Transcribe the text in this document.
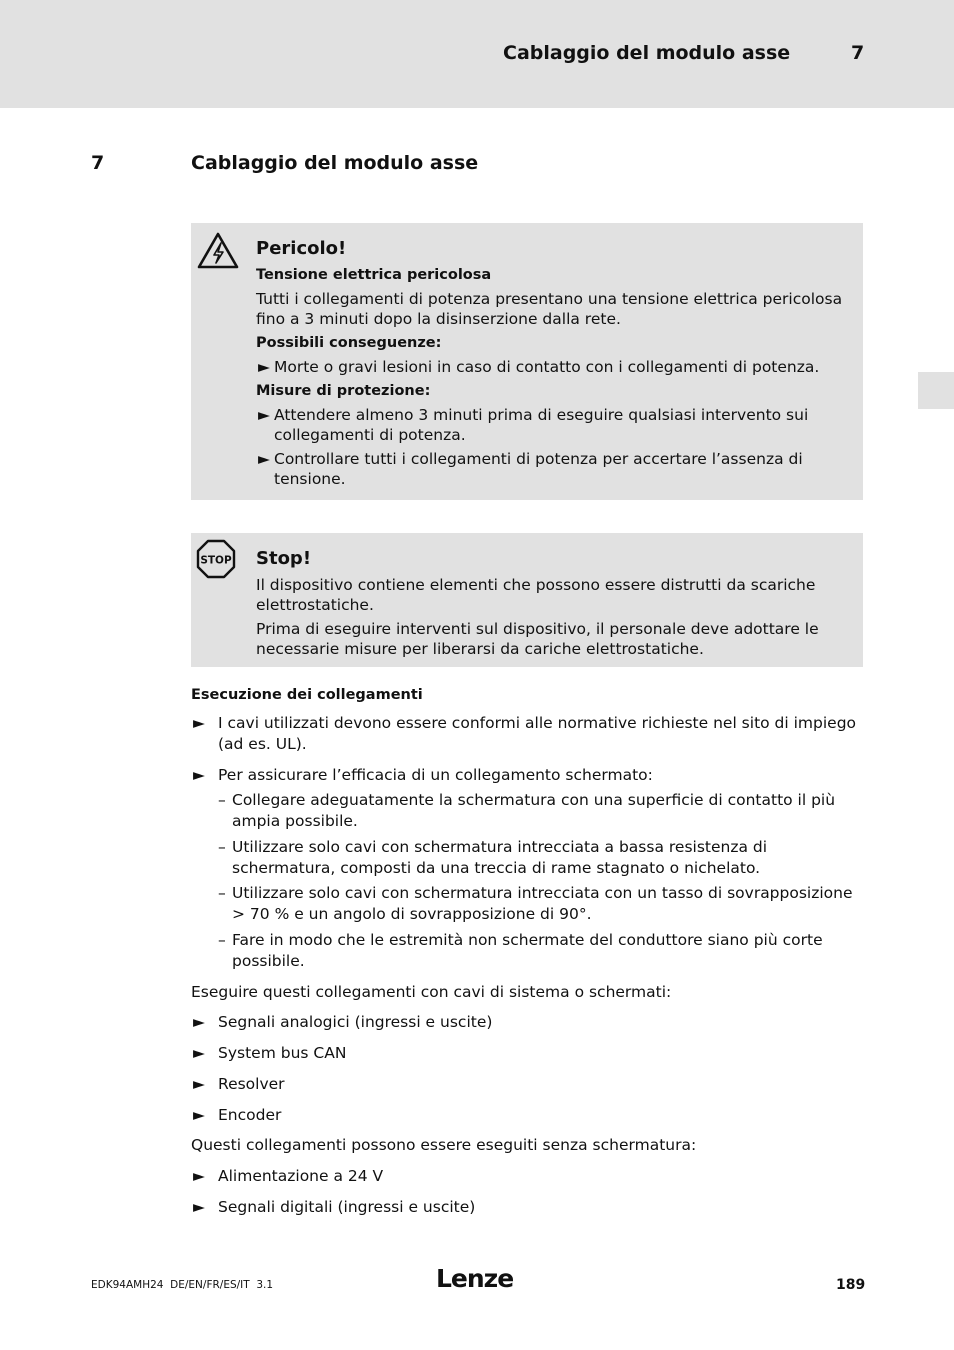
Cablaggio del modulo asse	7
7	Cablaggio del modulo asse
Pericolo!
Tensione elettrica pericolosa
Tutti i collegamenti di potenza presentano una tensione elettrica pericolosa fino a 3 minuti dopo la disinserzione dalla rete.
Possibili conseguenze:
► Morte o gravi lesioni in caso di contatto con i collegamenti di potenza.
Misure di protezione:
► Attendere almeno 3 minuti prima di eseguire qualsiasi intervento sui collegamenti di potenza.
► Controllare tutti i collegamenti di potenza per accertare l’assenza di tensione.
STOP Stop!
Il dispositivo contiene elementi che possono essere distrutti da scariche elettrostatiche.
Prima di eseguire interventi sul dispositivo, il personale deve adottare le necessarie misure per liberarsi da cariche elettrostatiche.
Esecuzione dei collegamenti
► I cavi utilizzati devono essere conformi alle normative richieste nel sito di impiego (ad es. UL).
► Per assicurare l’efficacia di un collegamento schermato:
– Collegare adeguatamente la schermatura con una superficie di contatto il più ampia possibile.
– Utilizzare solo cavi con schermatura intrecciata a bassa resistenza di schermatura, composti da una treccia di rame stagnato o nichelato.
– Utilizzare solo cavi con schermatura intrecciata con un tasso di sovrapposizione > 70 % e un angolo di sovrapposizione di 90°.
– Fare in modo che le estremità non schermate del conduttore siano più corte possibile.
Eseguire questi collegamenti con cavi di sistema o schermati:
► Segnali analogici (ingressi e uscite)
► System bus CAN
► Resolver
► Encoder
Questi collegamenti possono essere eseguiti senza schermatura:
► Alimentazione a 24 V
► Segnali digitali (ingressi e uscite)
EDK94AMH24 DE/EN/FR/ES/IT 3.1	Lenze	189
